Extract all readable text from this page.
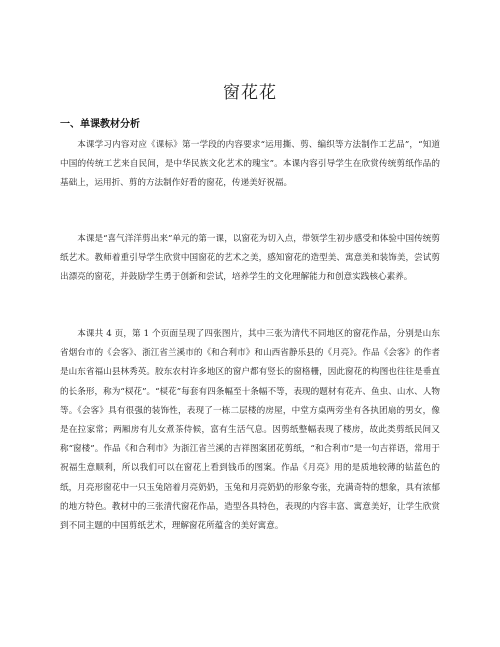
窗花花
一、单课教材分析

本课学习内容对应《课标》第一学段的内容要求“运用撕、剪、编织等方法制作工艺品”，“知道中国的传统工艺来自民间，是中华民族文化艺术的瑰宝”。本课内容引导学生在欣赏传统剪纸作品的基础上，运用折、剪的方法制作好看的窗花，传递美好祝福。

本课是“喜气洋洋剪出来”单元的第一课，以窗花为切入点，带领学生初步感受和体验中国传统剪纸艺术。教师着重引导学生欣赏中国窗花的艺术之美，感知窗花的造型美、寓意美和装饰美，尝试剪出漂亮的窗花，并鼓励学生勇于创新和尝试，培养学生的文化理解能力和创意实践核心素养。

本课共 4 页，第 1 个页面呈现了四张图片，其中三张为清代不同地区的窗花作品，分别是山东省烟台市的《会客》、浙江省兰溪市的《和合利市》和山西省静乐县的《月亮》。作品《会客》的作者是山东省福山县林秀英。胶东农村许多地区的窗户都有竖长的窗格栅，因此窗花的构图也往往是垂直的长条形，称为“棂花”。“棂花”每套有四条幅至十条幅不等，表现的题材有花卉、鱼虫、山水、人物等。《会客》具有很强的装饰性，表现了一栋二层楼的房屋，中堂方桌两旁坐有各执团扇的男女，像是在拉家常；两厢房有儿女煮茶侍候，富有生活气息。因剪纸整幅表现了楼房，故此类剪纸民间又称“窗楼”。作品《和合利市》为浙江省兰溪的吉祥图案团花剪纸，“和合利市”是一句吉祥语，常用于祝福生意顺利，所以我们可以在窗花上看到钱币的图案。作品《月亮》用的是质地较薄的钻蓝色的纸，月亮形窗花中一只玉兔陪着月亮奶奶，玉兔和月亮奶奶的形象夸张，充满奇特的想象，具有浓郁的地方特色。教材中的三张清代窗花作品，造型各具特色，表现的内容丰富、寓意美好，让学生欣赏到不同主题的中国剪纸艺术，理解窗花所蕴含的美好寓意。
